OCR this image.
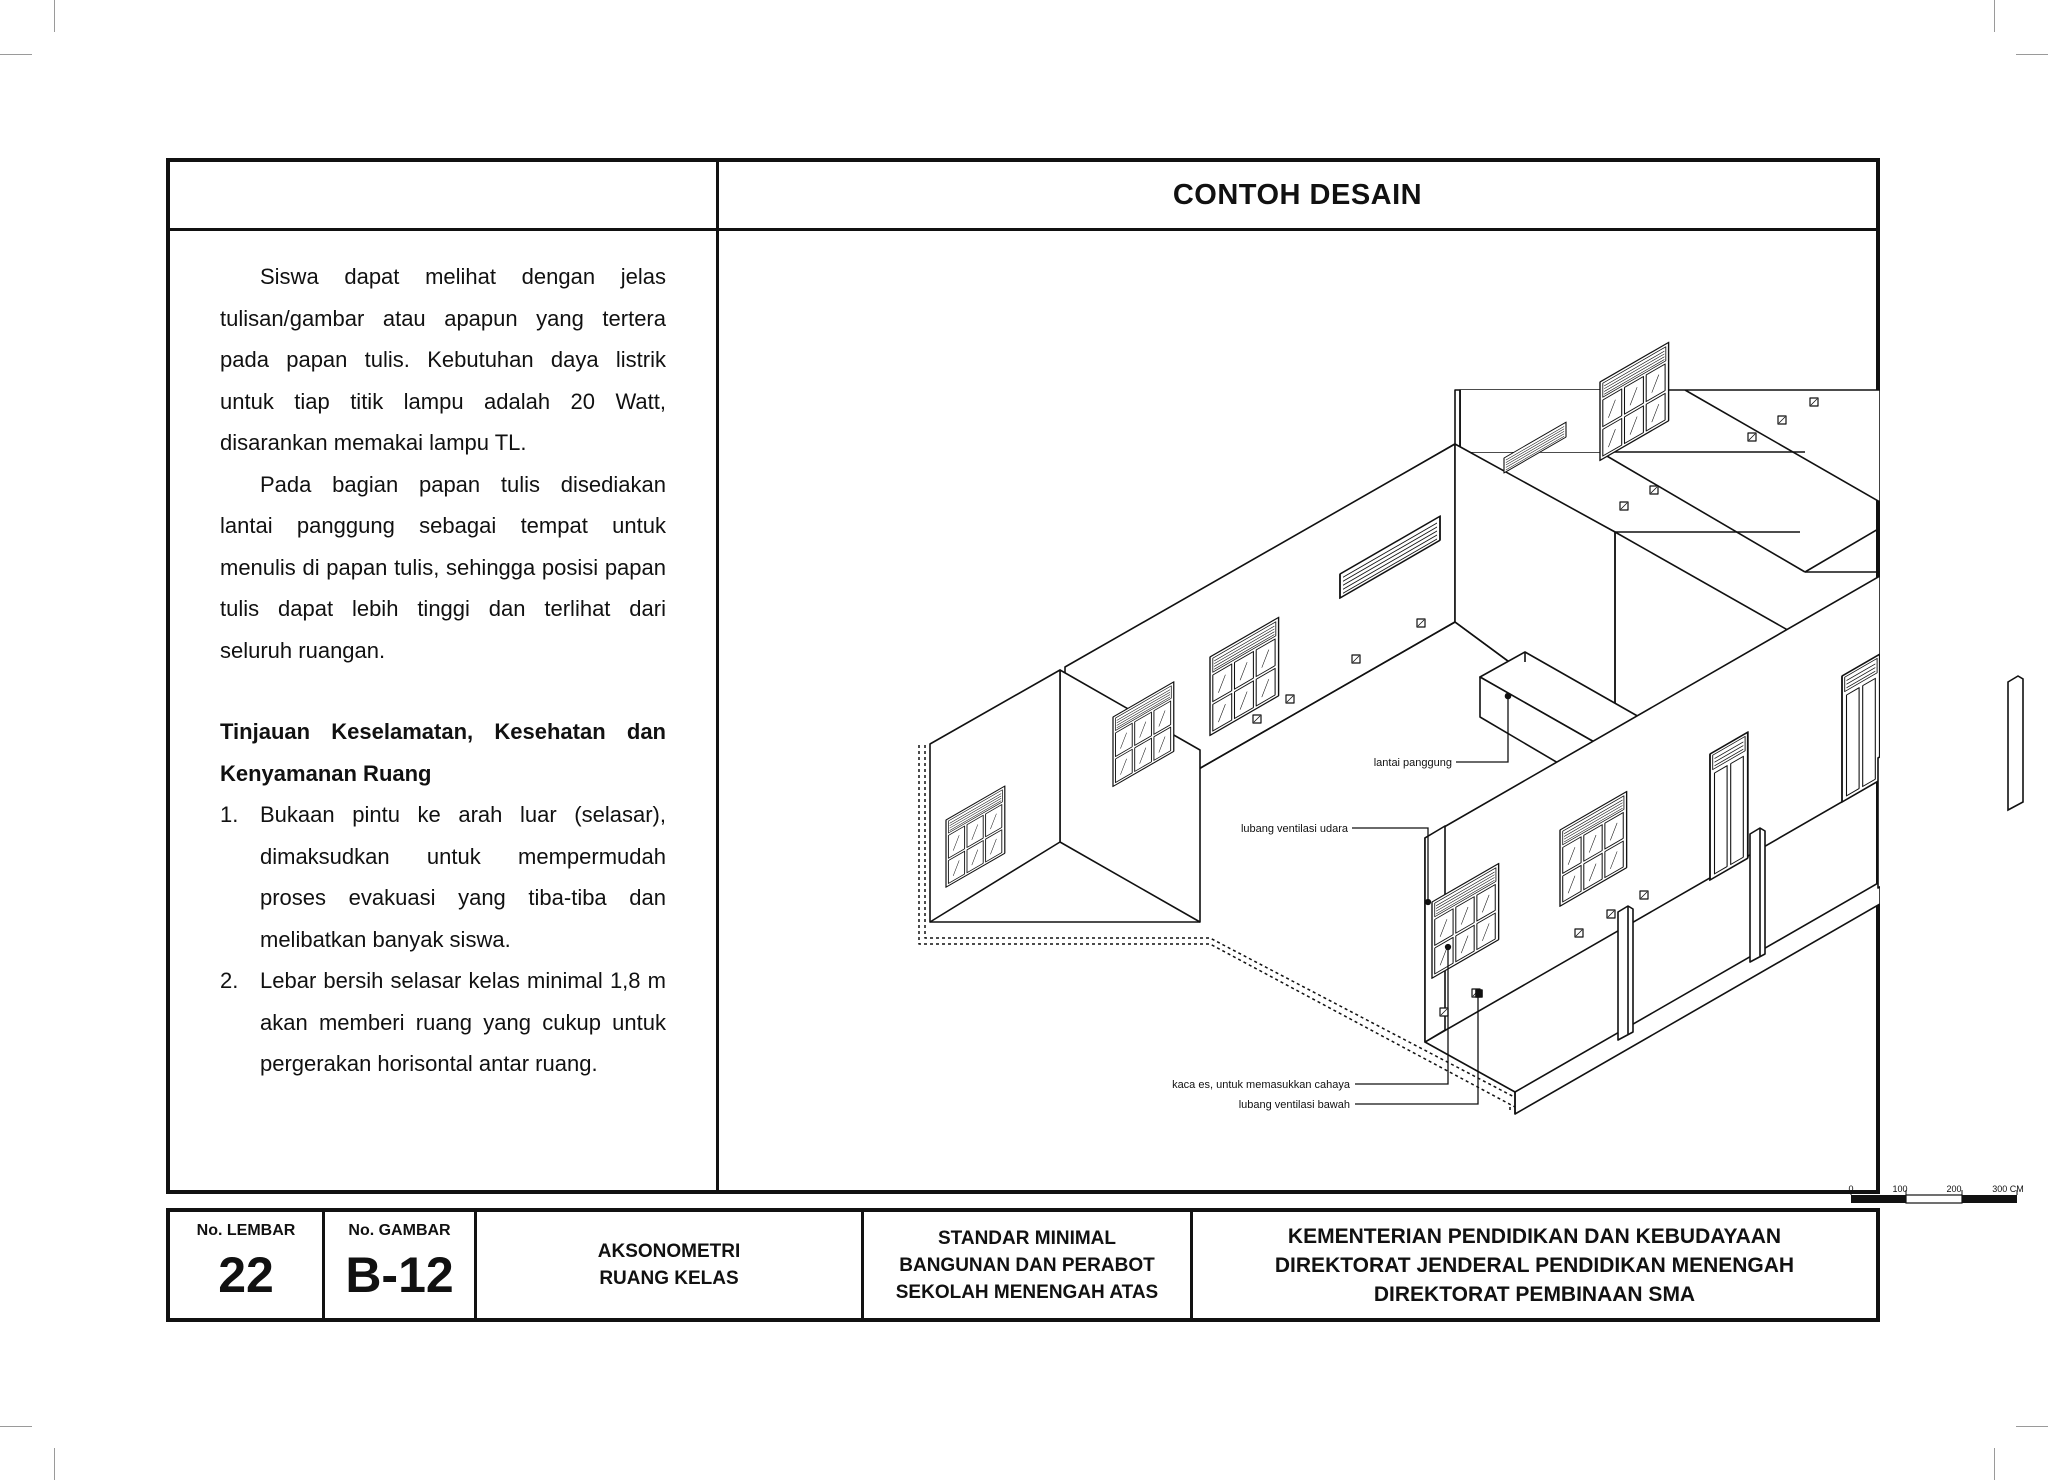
CONTOH DESAIN

Siswa dapat melihat dengan jelas tulisan/gambar atau apapun yang tertera pada papan tulis. Kebutuhan daya listrik untuk tiap titik lampu adalah 20 Watt, disarankan memakai lampu TL.

Pada bagian papan tulis disediakan lantai panggung sebagai tempat untuk menulis di papan tulis, sehingga posisi papan tulis dapat lebih tinggi dan terlihat dari seluruh ruangan.

Tinjauan Keselamatan, Kesehatan dan Kenyamanan Ruang
1. Bukaan pintu ke arah luar (selasar), dimaksudkan untuk mempermudah proses evakuasi yang tiba-tiba dan melibatkan banyak siswa.
2. Lebar bersih selasar kelas minimal 1,8 m akan memberi ruang yang cukup untuk pergerakan horisontal antar ruang.
lantai panggung
lubang ventilasi udara
kaca es, untuk memasukkan cahaya
lubang ventilasi bawah
0	100	200	300 CM
No. LEMBAR
22
No. GAMBAR
B-12	AKSONOMETRI
RUANG KELAS
STANDAR MINIMAL
BANGUNAN DAN PERABOT
SEKOLAH MENENGAH ATAS
KEMENTERIAN PENDIDIKAN DAN KEBUDAYAAN
DIREKTORAT JENDERAL PENDIDIKAN MENENGAH
DIREKTORAT PEMBINAAN SMA
